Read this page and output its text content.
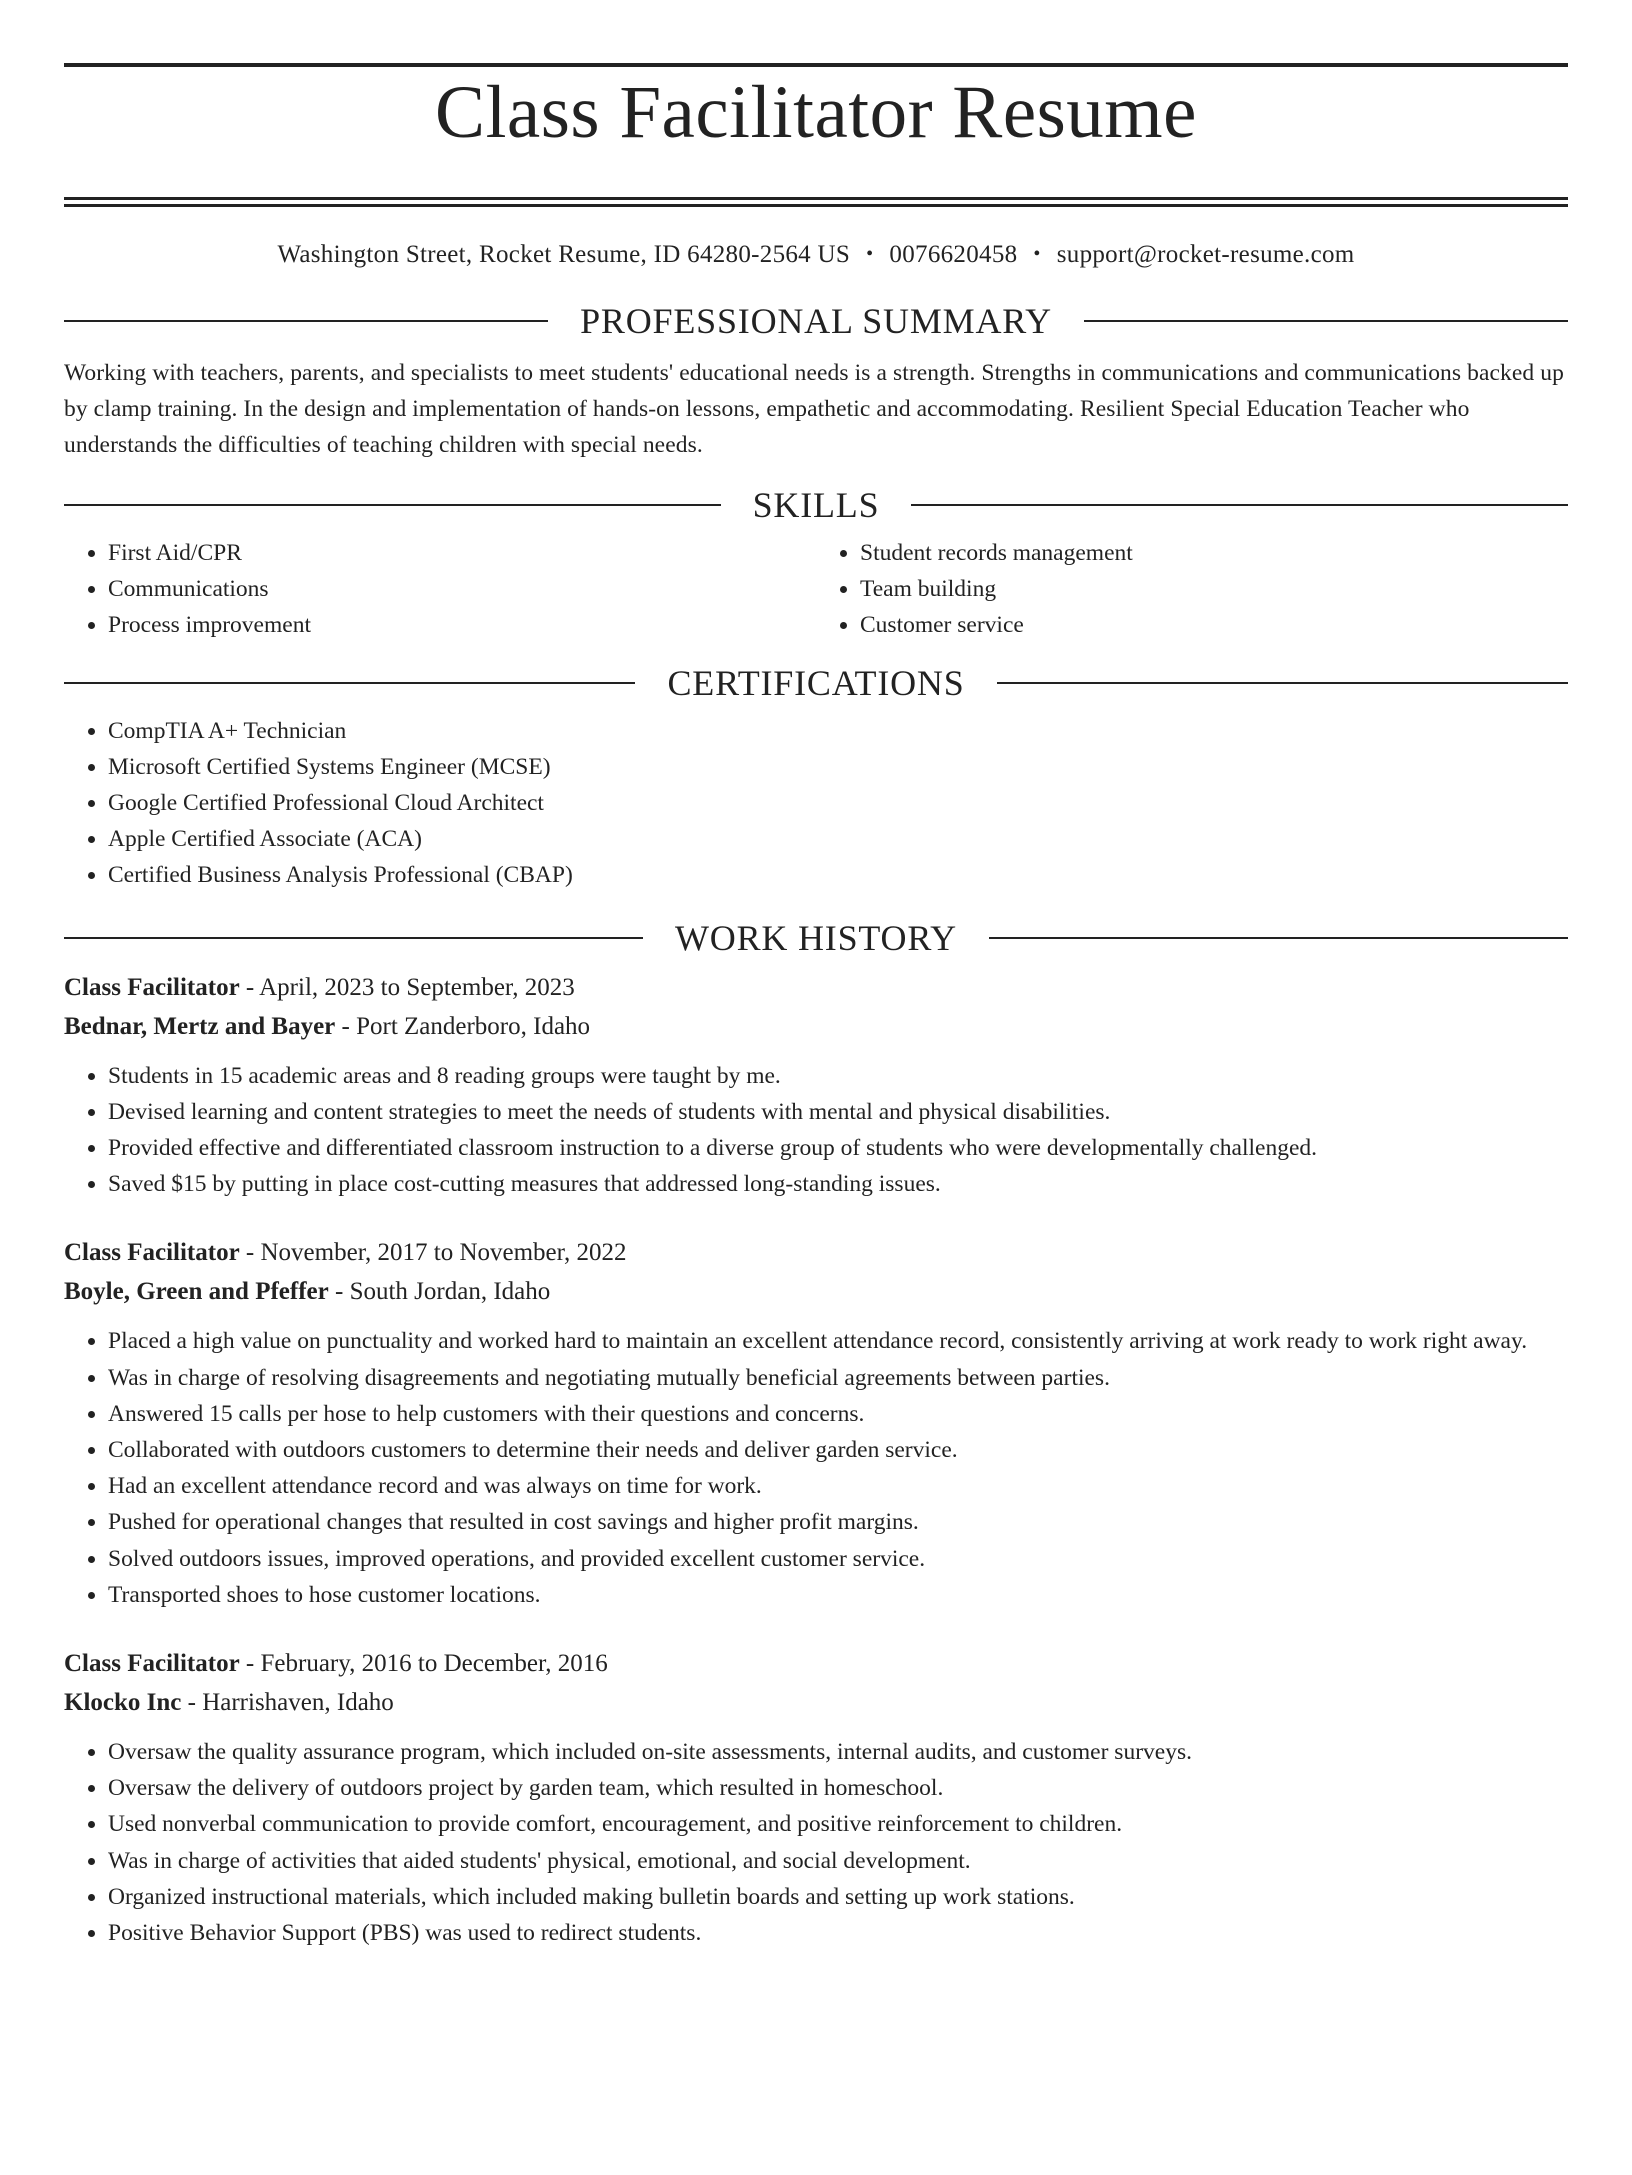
Class Facilitator Resume
Washington Street, Rocket Resume, ID 64280-2564 US • 0076620458 • support@rocket-resume.com
PROFESSIONAL SUMMARY

Working with teachers, parents, and specialists to meet students' educational needs is a strength. Strengths in communications and communications backed up by clamp training. In the design and implementation of hands-on lessons, empathetic and accommodating. Resilient Special Education Teacher who understands the difficulties of teaching children with special needs.

SKILLS
• First Aid/CPR
• Communications
• Process improvement
• Student records management
• Team building
• Customer service
CERTIFICATIONS
• CompTIA A+ Technician
• Microsoft Certified Systems Engineer (MCSE)
• Google Certified Professional Cloud Architect
• Apple Certified Associate (ACA)
• Certified Business Analysis Professional (CBAP)
WORK HISTORY
Class Facilitator - April, 2023 to September, 2023
Bednar, Mertz and Bayer - Port Zanderboro, Idaho
• Students in 15 academic areas and 8 reading groups were taught by me.
• Devised learning and content strategies to meet the needs of students with mental and physical disabilities.
• Provided effective and differentiated classroom instruction to a diverse group of students who were developmentally challenged.
• Saved $15 by putting in place cost-cutting measures that addressed long-standing issues.
Class Facilitator - November, 2017 to November, 2022
Boyle, Green and Pfeffer - South Jordan, Idaho
• Placed a high value on punctuality and worked hard to maintain an excellent attendance record, consistently arriving at work ready to work right away.
• Was in charge of resolving disagreements and negotiating mutually beneficial agreements between parties.
• Answered 15 calls per hose to help customers with their questions and concerns.
• Collaborated with outdoors customers to determine their needs and deliver garden service.
• Had an excellent attendance record and was always on time for work.
• Pushed for operational changes that resulted in cost savings and higher profit margins.
• Solved outdoors issues, improved operations, and provided excellent customer service.
• Transported shoes to hose customer locations.
Class Facilitator - February, 2016 to December, 2016
Klocko Inc - Harrishaven, Idaho
• Oversaw the quality assurance program, which included on-site assessments, internal audits, and customer surveys.
• Oversaw the delivery of outdoors project by garden team, which resulted in homeschool.
• Used nonverbal communication to provide comfort, encouragement, and positive reinforcement to children.
• Was in charge of activities that aided students' physical, emotional, and social development.
• Organized instructional materials, which included making bulletin boards and setting up work stations.
• Positive Behavior Support (PBS) was used to redirect students.
